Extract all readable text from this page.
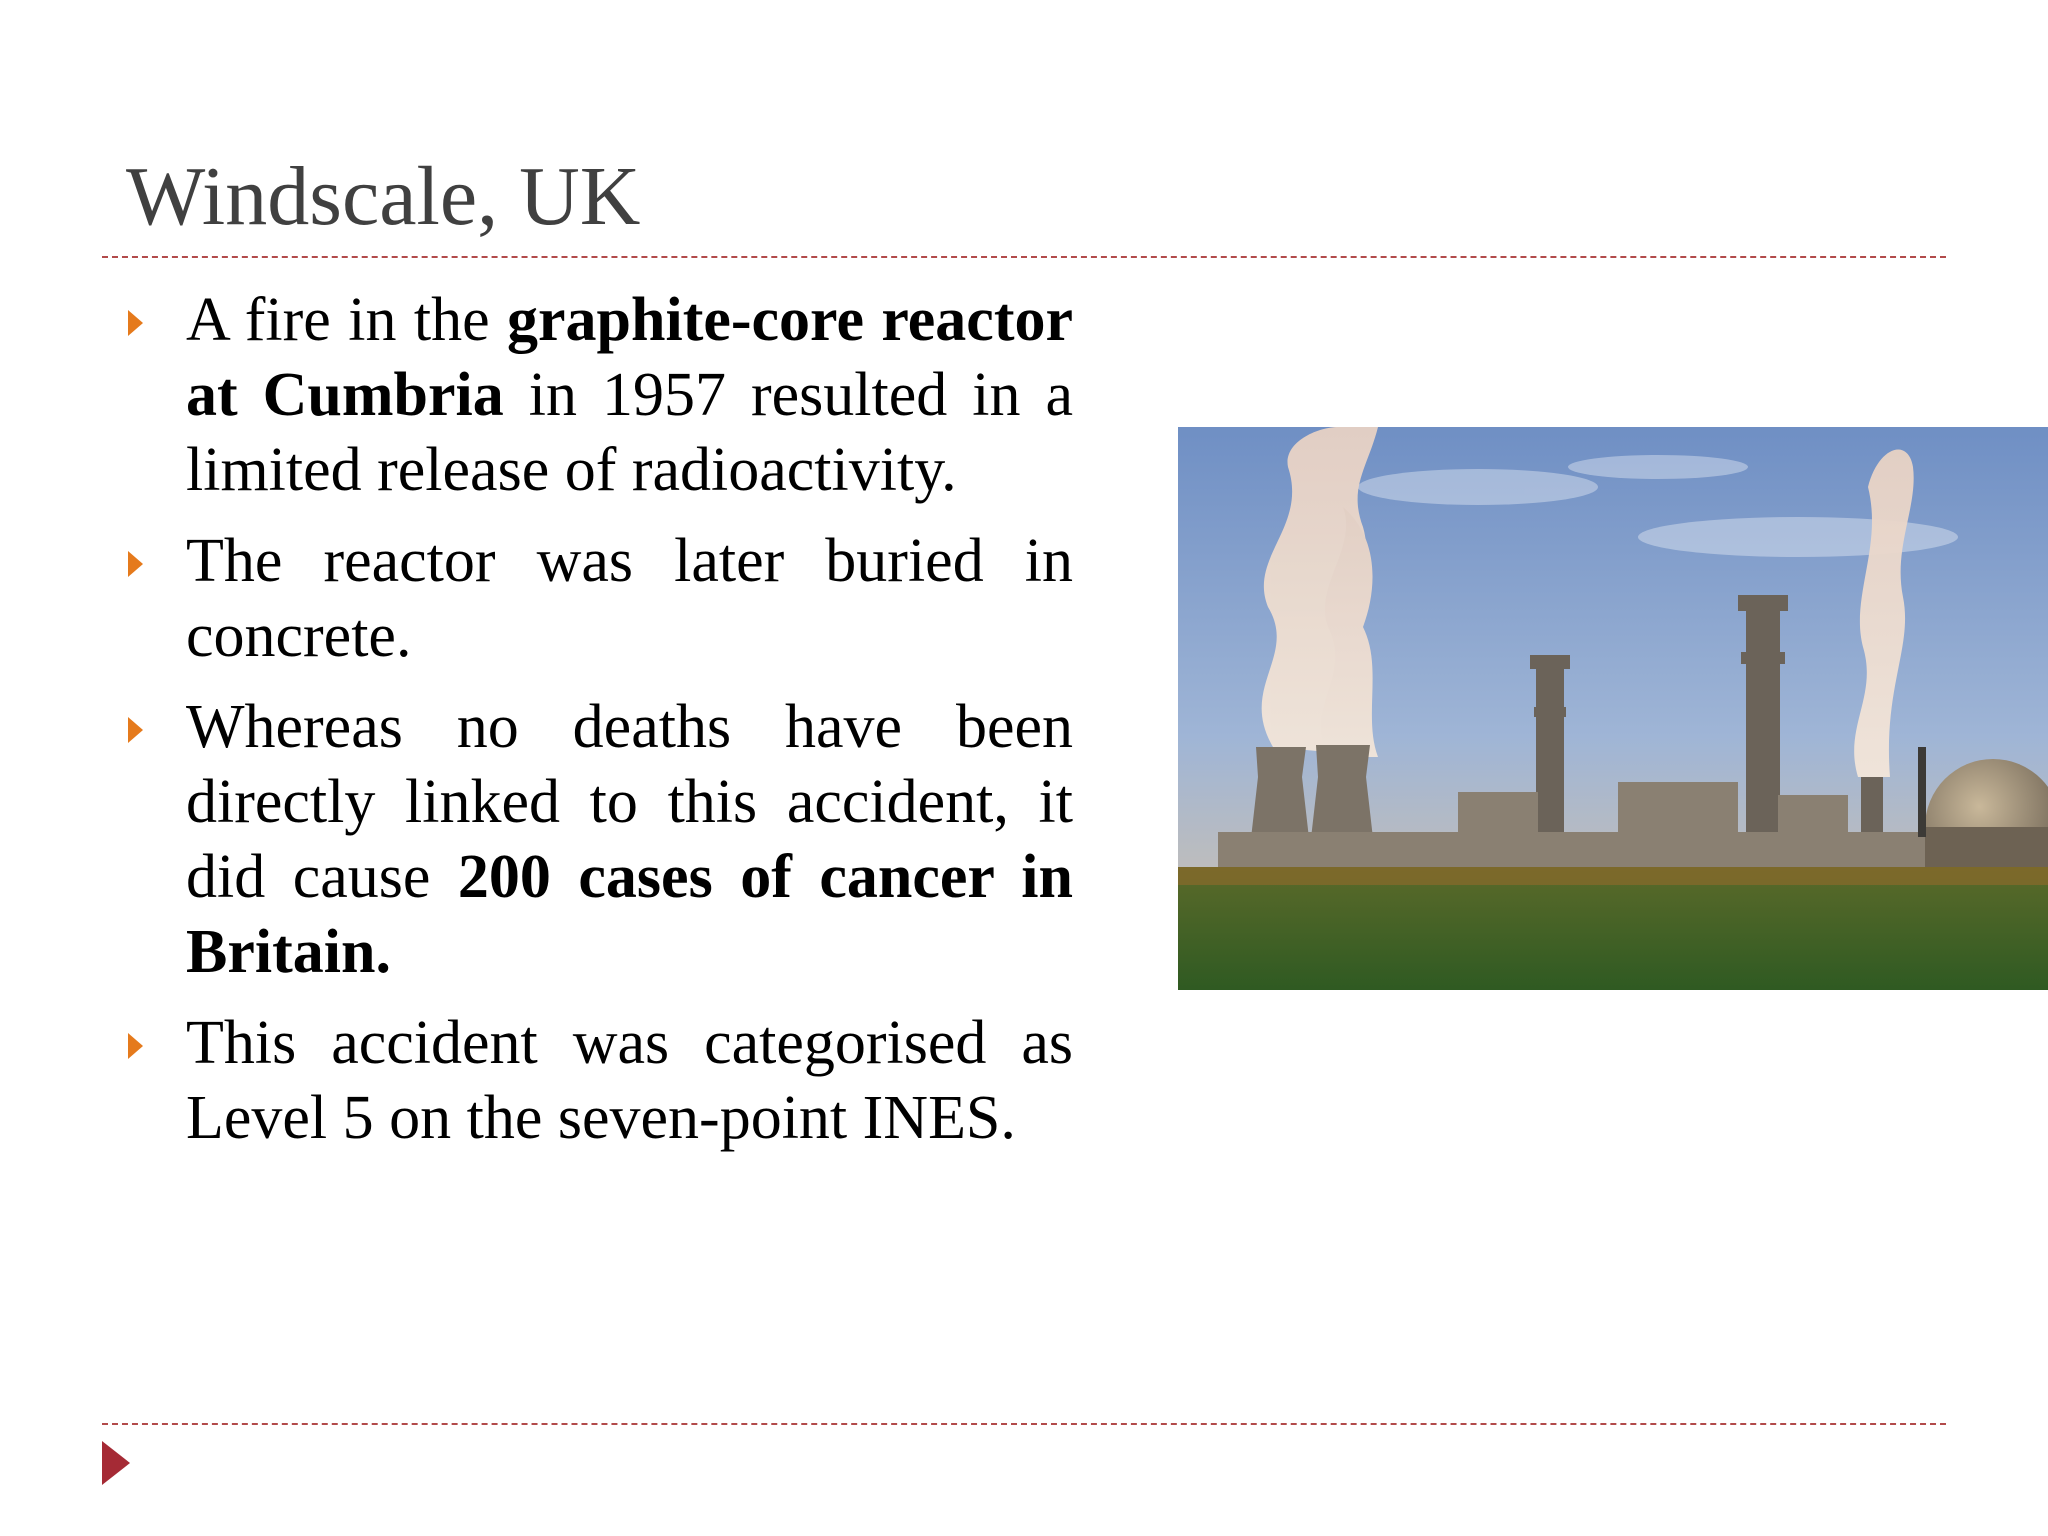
Windscale, UK
A fire in the graphite-core reactor at Cumbria in 1957 resulted in a limited release of radioactivity.
The reactor was later buried in concrete.
Whereas no deaths have been directly linked to this accident, it did cause 200 cases of cancer in Britain.
This accident was categorised as Level 5 on the seven-point INES.
